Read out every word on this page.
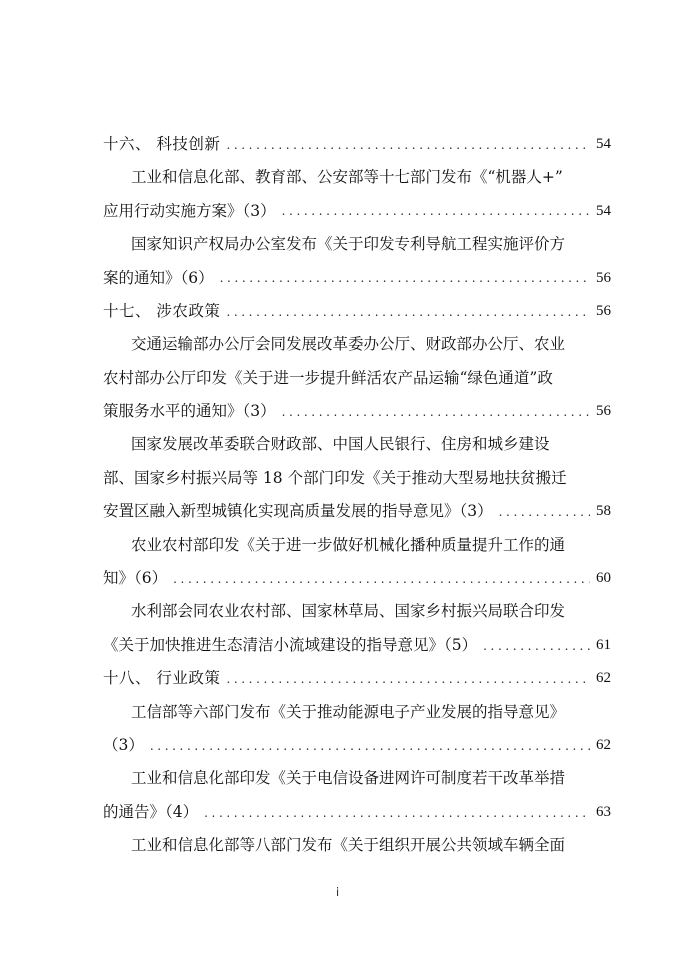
十六、 科技创新 .....	54
工业和信息化部、教育部、公安部等十七部门发布《“机器人+”
应用行动实施方案》（3） .....	54
国家知识产权局办公室发布《关于印发专利导航工程实施评价方
案的通知》（6） .....	56
十七、 涉农政策 .....	56
交通运输部办公厅会同发展改革委办公厅、财政部办公厅、农业
农村部办公厅印发《关于进一步提升鲜活农产品运输“绿色通道”政
策服务水平的通知》（3） .....	56
国家发展改革委联合财政部、中国人民银行、住房和城乡建设
部、国家乡村振兴局等 18 个部门印发《关于推动大型易地扶贫搬迁
安置区融入新型城镇化实现高质量发展的指导意见》（3） .....	58
农业农村部印发《关于进一步做好机械化播种质量提升工作的通
知》（6） .....	60
水利部会同农业农村部、国家林草局、国家乡村振兴局联合印发
《关于加快推进生态清洁小流域建设的指导意见》（5） .....	61
十八、 行业政策 .....	62
工信部等六部门发布《关于推动能源电子产业发展的指导意见》
（3） .....	62
工业和信息化部印发《关于电信设备进网许可制度若干改革举措
的通告》（4） .....	63
工业和信息化部等八部门发布《关于组织开展公共领域车辆全面
ⅰ
